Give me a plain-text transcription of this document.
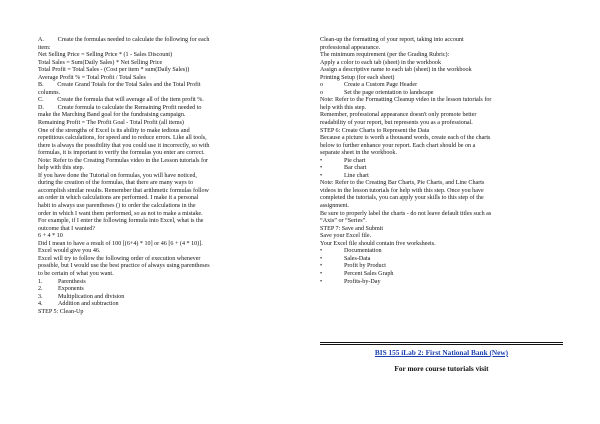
A.         Create the formulas needed to calculate the following for each
item:
Net Selling Price = Selling Price * (1 - Sales Discount)
Total Sales = Sum(Daily Sales) * Net Selling Price
Total Profit = Total Sales - (Cost per item * sum(Daily Sales))
Average Profit % = Total Profit / Total Sales
B.         Create Grand Totals for the Total Sales and the Total Profit
columns.
C.         Create the formula that will average all of the item profit %.
D.         Create formula to calculate the Remaining Profit needed to
make the Marching Band goal for the fundraising campaign.
Remaining Profit = The Profit Goal - Total Profit (all items)
One of the strengths of Excel is its ability to make tedious and
repetitious calculations, for speed and to reduce errors. Like all tools,
there is always the possibility that you could use it incorrectly, so with
formulas, it is important to verify the formulas you enter are correct.
Note: Refer to the Creating Formulas video in the Lesson tutorials for
help with this step.
If you have done the Tutorial on formulas, you will have noticed,
during the creation of the formulas, that there are many ways to
accomplish similar results. Remember that arithmetic formulas follow
an order in which calculations are performed. I make it a personal
habit to always use parentheses () to order the calculations in the
order in which I want them performed, so as not to make a mistake.
For example, if I enter the following formula into Excel, what is the
outcome that I wanted?
6 + 4 * 10
Did I mean to have a result of 100 [(6+4) * 10] or 46 [6 + (4 * 10)].
Excel would give you 46.
Excel will try to follow the following order of execution whenever
possible, but I would use the best practice of always using parentheses
to be certain of what you want.
1.	Parenthesis
2.	Exponents
3.	Multiplication and division
4.	Addition and subtraction
STEP 5: Clean-Up
Clean-up the formatting of your report, taking into account
professional appearance.
The minimum requirement (per the Grading Rubric):
Apply a color to each tab (sheet) in the workbook
Assign a descriptive name to each tab (sheet) in the workbook
Printing Setup (for each sheet)
o	Create a Custom Page Header
o	Set the page orientation to landscape
Note: Refer to the Formatting Cleanup video in the lesson tutorials for
help with this step.
Remember, professional appearance doesn't only promote better
readability of your report, but represents you as a professional.
STEP 6: Create Charts to Represent the Data
Because a picture is worth a thousand words, create each of the charts
below to further enhance your report. Each chart should be on a
separate sheet in the workbook.
•	Pie chart
•	Bar chart
•	Line chart
Note: Refer to the Creating Bar Charts, Pie Charts, and Line Charts
videos in the lesson tutorials for help with this step. Once you have
completed the tutorials, you can apply your skills to this step of the
assignment.
Be sure to properly label the charts - do not leave default titles such as
“Axis” or “Series”.
STEP 7: Save and Submit
Save your Excel file.
Your Excel file should contain five worksheets.
•	Documentation
•	Sales-Data
•	Profit by Product
•	Percent Sales Graph
•	Profits-by-Day
BIS 155 iLab 2: First National Bank (New)
For more course tutorials visit
